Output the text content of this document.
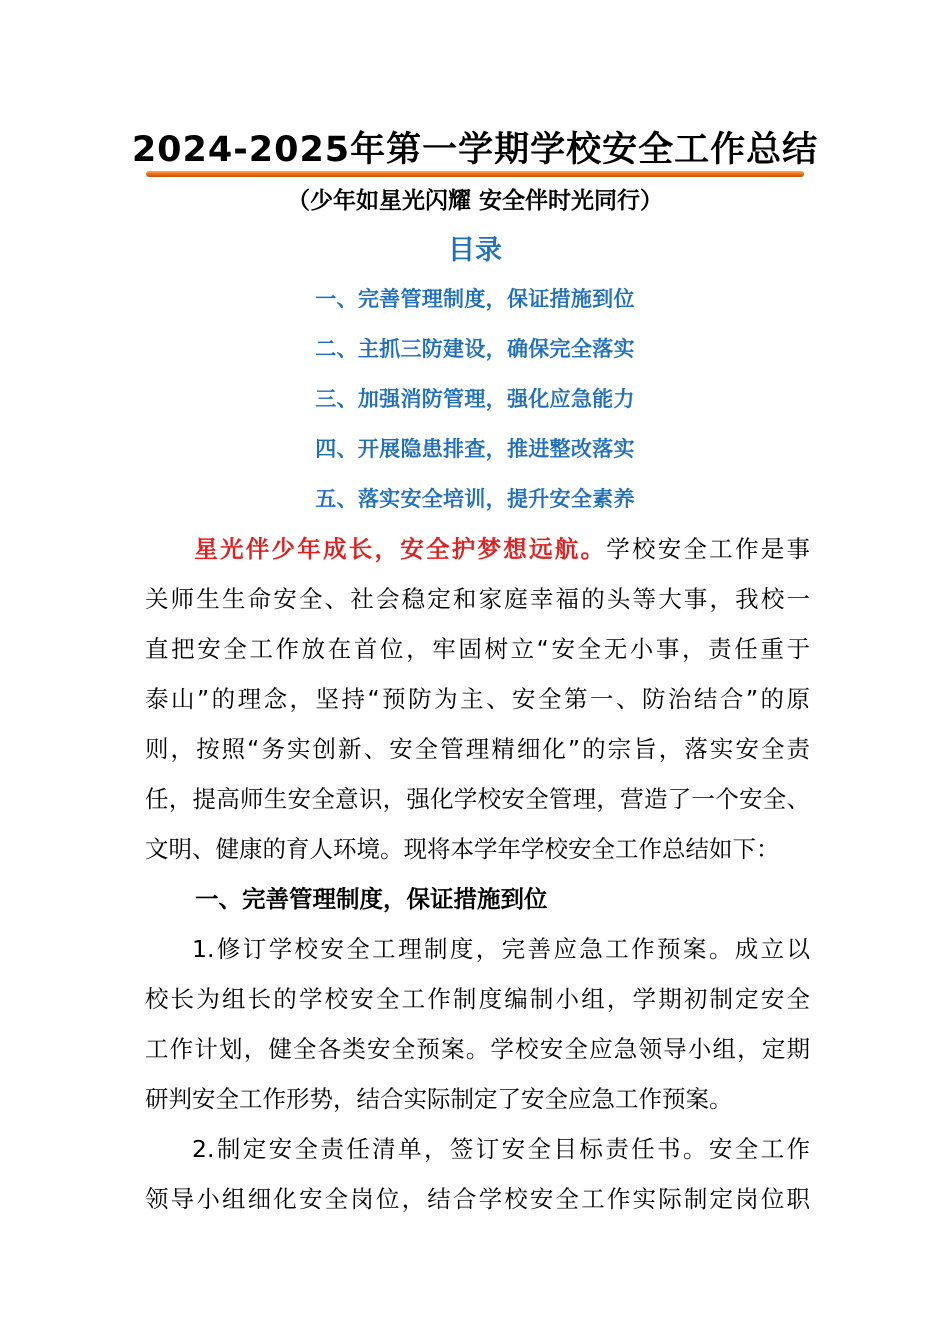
2024-2025年第一学期学校安全工作总结
（少年如星光闪耀 安全伴时光同行）
目录
一、完善管理制度，保证措施到位
二、主抓三防建设，确保完全落实
三、加强消防管理，强化应急能力
四、开展隐患排查，推进整改落实
五、落实安全培训，提升安全素养
星光伴少年成长，安全护梦想远航。学校安全工作是事
关师生生命安全、社会稳定和家庭幸福的头等大事，我校一
直把安全工作放在首位，牢固树立“安全无小事，责任重于
泰山”的理念，坚持“预防为主、安全第一、防治结合”的原
则，按照“务实创新、安全管理精细化”的宗旨，落实安全责
任，提高师生安全意识，强化学校安全管理，营造了一个安全、
文明、健康的育人环境。现将本学年学校安全工作总结如下：
一、完善管理制度，保证措施到位
1.修订学校安全工理制度，完善应急工作预案。成立以
校长为组长的学校安全工作制度编制小组，学期初制定安全
工作计划，健全各类安全预案。学校安全应急领导小组，定期
研判安全工作形势，结合实际制定了安全应急工作预案。
2.制定安全责任清单，签订安全目标责任书。安全工作
领导小组细化安全岗位，结合学校安全工作实际制定岗位职
